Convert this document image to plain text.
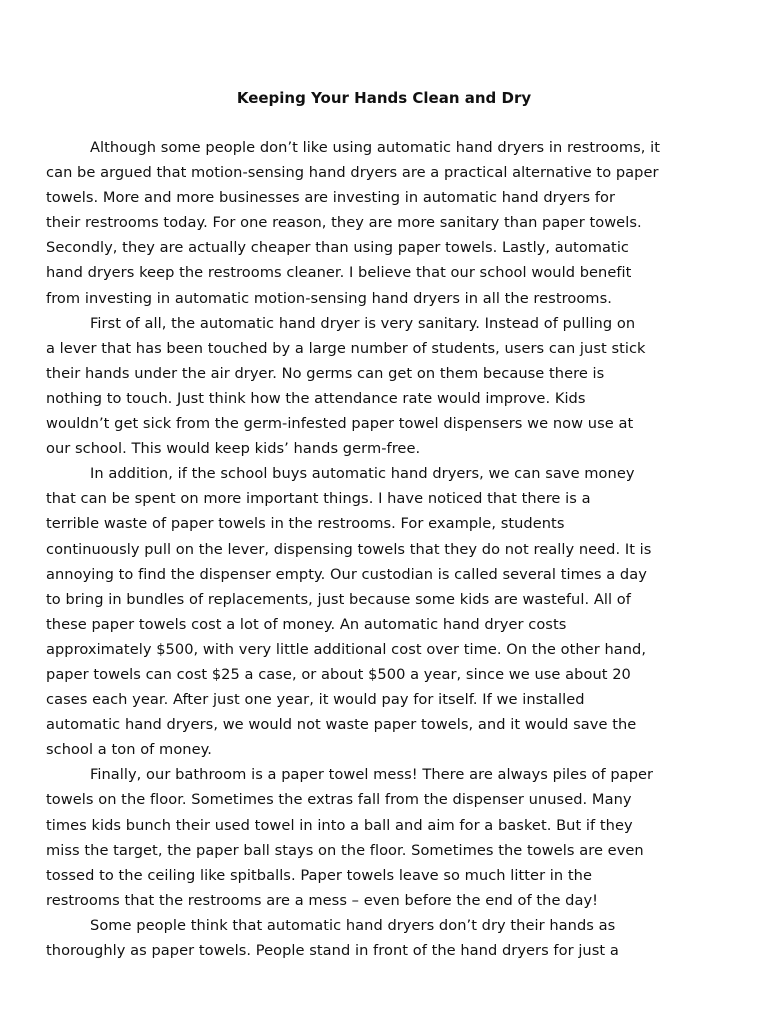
Keeping Your Hands Clean and Dry
Although some people don’t like using automatic hand dryers in restrooms, it
can be argued that motion-sensing hand dryers are a practical alternative to paper
towels. More and more businesses are investing in automatic hand dryers for
their restrooms today. For one reason, they are more sanitary than paper towels.
Secondly, they are actually cheaper than using paper towels. Lastly, automatic
hand dryers keep the restrooms cleaner. I believe that our school would benefit
from investing in automatic motion-sensing hand dryers in all the restrooms.
First of all, the automatic hand dryer is very sanitary. Instead of pulling on
a lever that has been touched by a large number of students, users can just stick
their hands under the air dryer. No germs can get on them because there is
nothing to touch. Just think how the attendance rate would improve. Kids
wouldn’t get sick from the germ-infested paper towel dispensers we now use at
our school. This would keep kids’ hands germ-free.
In addition, if the school buys automatic hand dryers, we can save money
that can be spent on more important things. I have noticed that there is a
terrible waste of paper towels in the restrooms. For example, students
continuously pull on the lever, dispensing towels that they do not really need. It is
annoying to find the dispenser empty. Our custodian is called several times a day
to bring in bundles of replacements, just because some kids are wasteful. All of
these paper towels cost a lot of money. An automatic hand dryer costs
approximately $500, with very little additional cost over time. On the other hand,
paper towels can cost $25 a case, or about $500 a year, since we use about 20
cases each year. After just one year, it would pay for itself. If we installed
automatic hand dryers, we would not waste paper towels, and it would save the
school a ton of money.
Finally, our bathroom is a paper towel mess! There are always piles of paper
towels on the floor. Sometimes the extras fall from the dispenser unused. Many
times kids bunch their used towel in into a ball and aim for a basket. But if they
miss the target, the paper ball stays on the floor. Sometimes the towels are even
tossed to the ceiling like spitballs. Paper towels leave so much litter in the
restrooms that the restrooms are a mess – even before the end of the day!
Some people think that automatic hand dryers don’t dry their hands as
thoroughly as paper towels. People stand in front of the hand dryers for just a
